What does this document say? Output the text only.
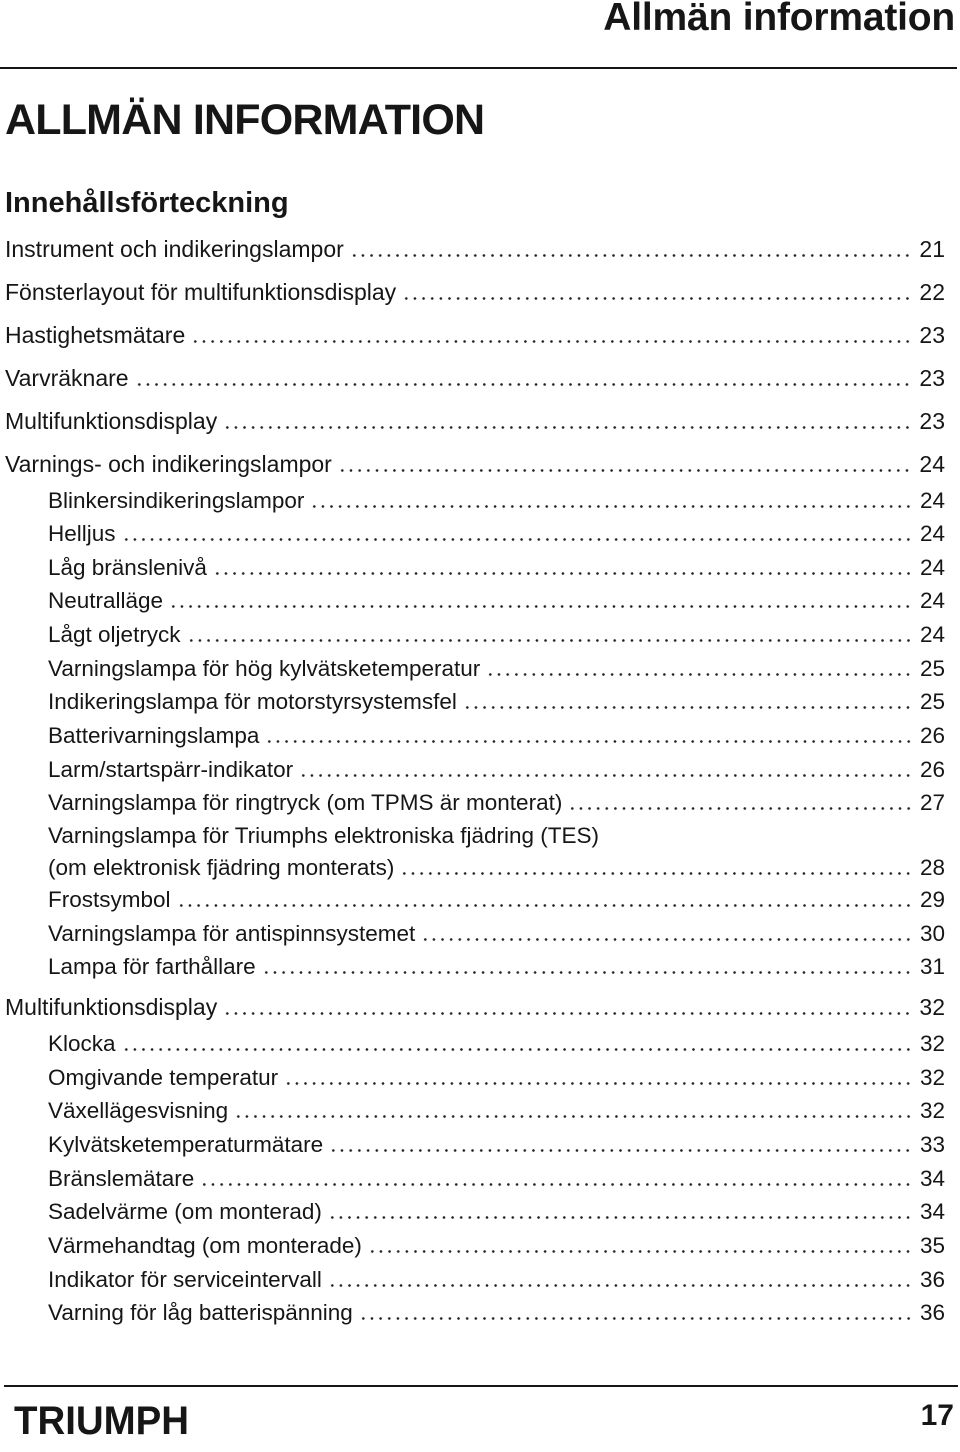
Allmän information
ALLMÄN INFORMATION
Innehållsförteckning
Instrument och indikeringslampor	21
Fönsterlayout för multifunktionsdisplay	22
Hastighetsmätare	23
Varvräknare	23
Multifunktionsdisplay	23
Varnings- och indikeringslampor	24
Blinkersindikeringslampor	24
Helljus	24
Låg bränslenivå	24
Neutralläge	24
Lågt oljetryck	24
Varningslampa för hög kylvätsketemperatur	25
Indikeringslampa för motorstyrsystemsfel	25
Batterivarningslampa	26
Larm/startspärr-indikator	26
Varningslampa för ringtryck (om TPMS är monterat)	27
Varningslampa för Triumphs elektroniska fjädring (TES)
(om elektronisk fjädring monterats)	28
Frostsymbol	29
Varningslampa för antispinnsystemet	30
Lampa för farthållare	31
Multifunktionsdisplay	32
Klocka	32
Omgivande temperatur	32
Växellägesvisning	32
Kylvätsketemperaturmätare	33
Bränslemätare	34
Sadelvärme (om monterad)	34
Värmehandtag (om monterade)	35
Indikator för serviceintervall	36
Varning för låg batterispänning	36
TRIUMPH	17
